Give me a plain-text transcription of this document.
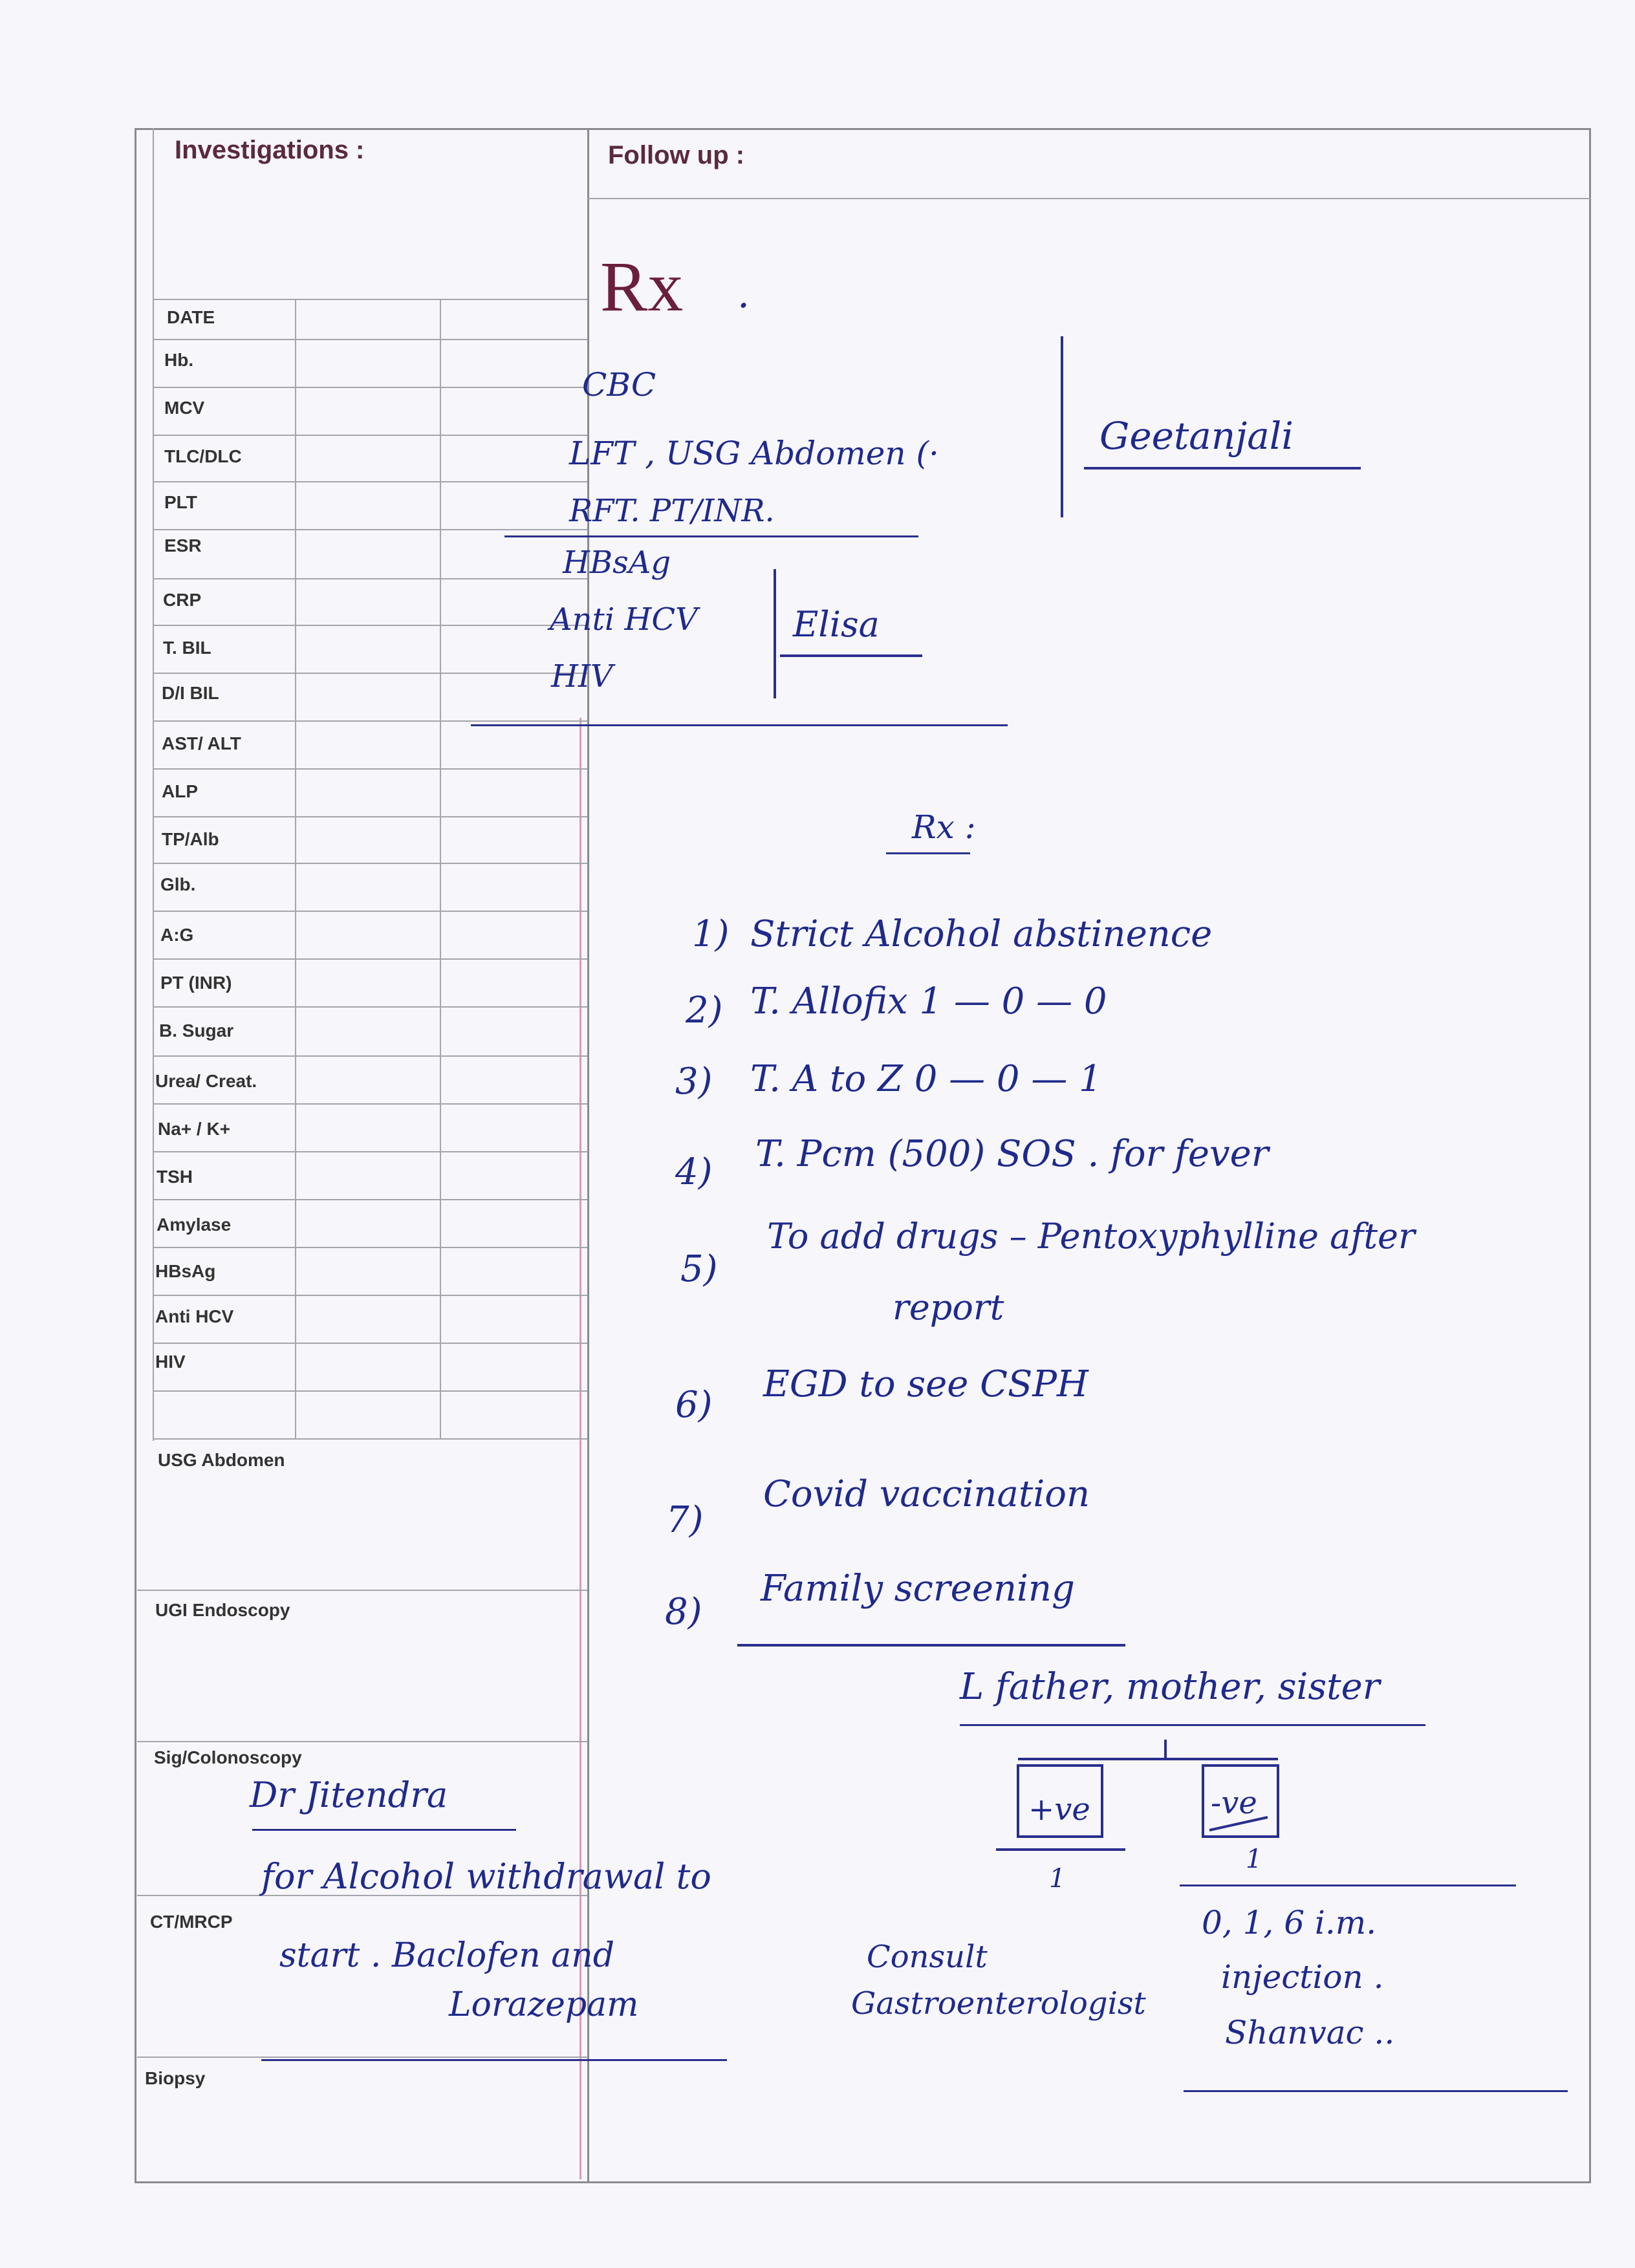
Investigations :	Follow up :
Rx
DATE
Hb.
MCV
TLC/DLC
PLT
ESR
CRP
T. BIL
D/I BIL
AST/ ALT
ALP
TP/Alb
Glb.
A:G
PT (INR)
B. Sugar
Urea/ Creat.
Na+ / K+
TSH
Amylase
HBsAg
Anti HCV
HIV
USG Abdomen
UGI Endoscopy
Sig/Colonoscopy
CT/MRCP
Biopsy
.
CBC
LFT , USG Abdomen (·
RFT. PT/INR.
Geetanjali
HBsAg
Anti HCV
HIV
Elisa
Rx :
1) Strict Alcohol abstinence
2) T. Allofix 1 — 0 — 0
3) T. A to Z 0 — 0 — 1
4) T. Pcm (500) SOS . for fever
5)
To add drugs – Pentoxyphylline after
report
6) EGD to see CSPH
7)
Covid vaccination
8)
Family screening
L father, mother, sister
+ve	-ve
1
1
Dr Jitendra
for Alcohol withdrawal to
start . Baclofen and
Lorazepam
Consult
Gastroenterologist
0, 1, 6 i.m.
injection .
Shanvac ..
